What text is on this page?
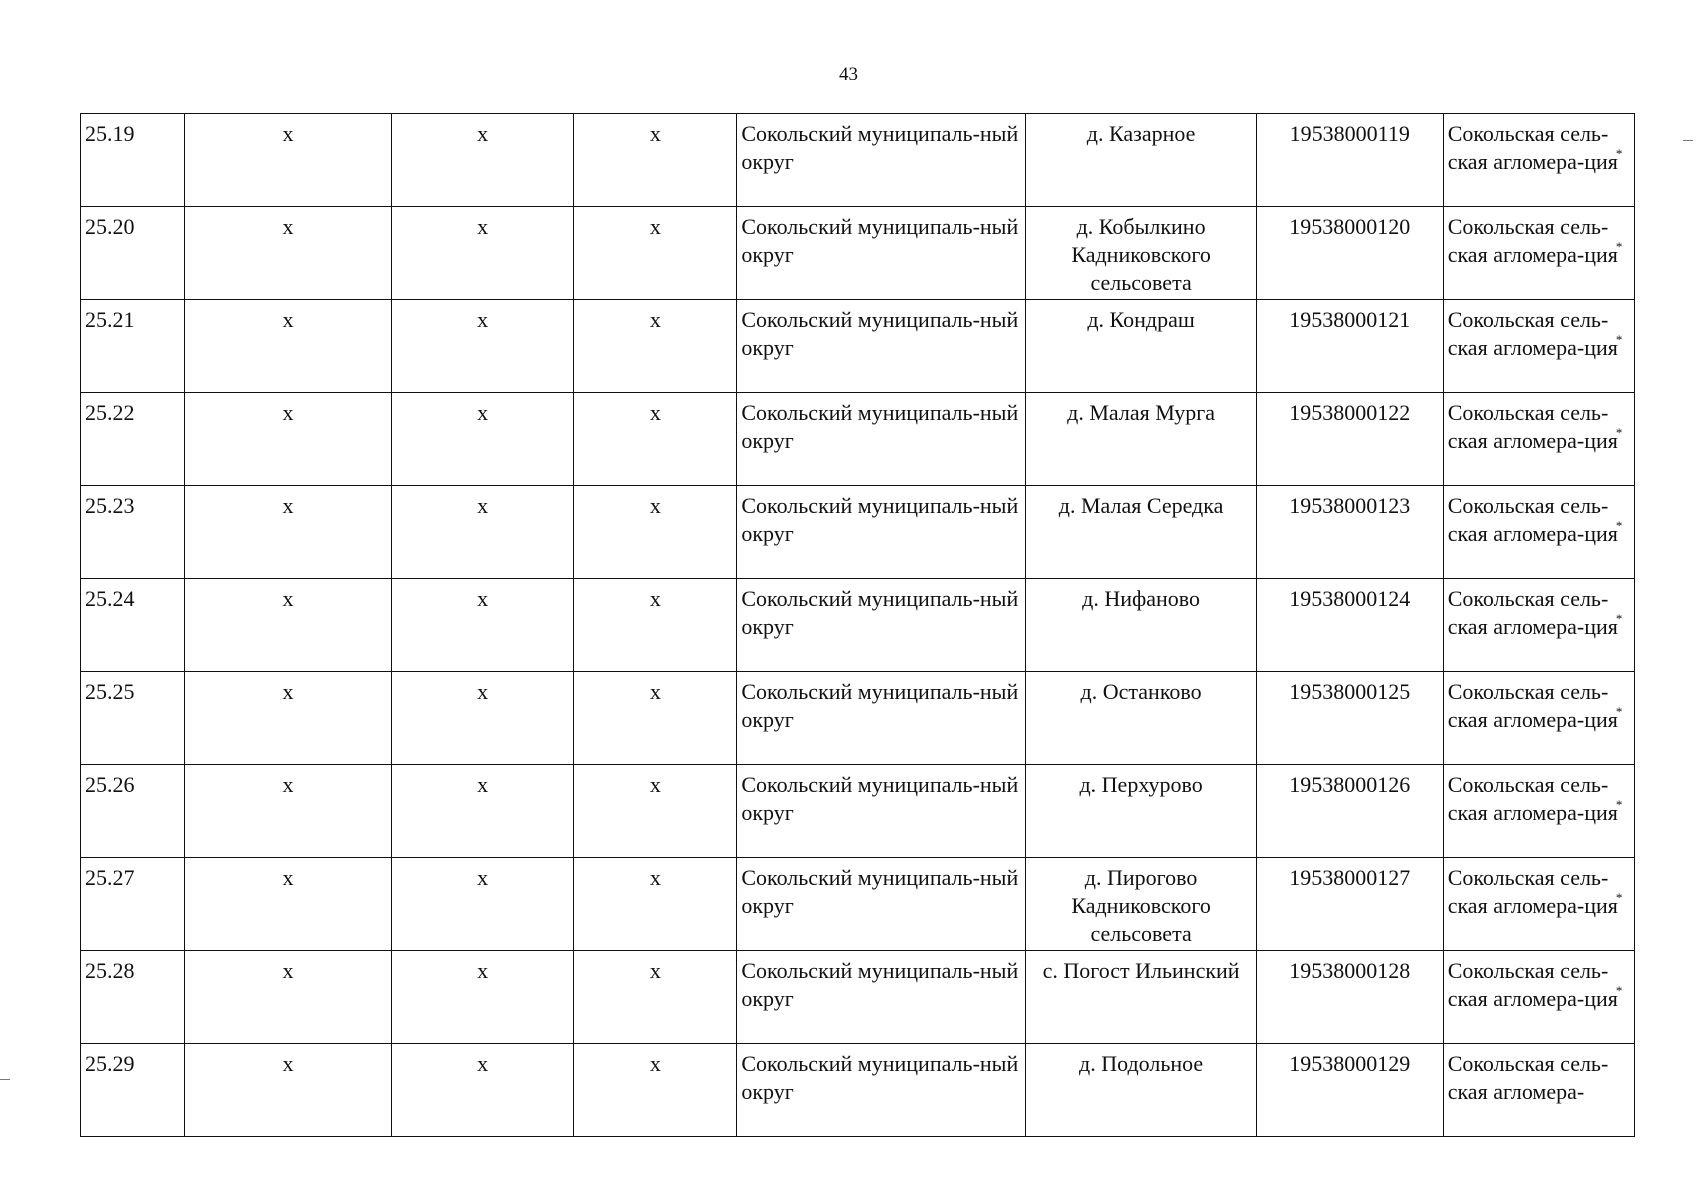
43
25.19	х	х	х	Сокольский муниципаль-ный округ	д. Казарное	19538000119	Сокольская сель-ская агломера-ция*
25.20	х	х	х	Сокольский муниципаль-ный округ	д. Кобылкино Кадниковского сельсовета	19538000120	Сокольская сель-ская агломера-ция*
25.21	х	х	х	Сокольский муниципаль-ный округ	д. Кондраш	19538000121	Сокольская сель-ская агломера-ция*
25.22	х	х	х	Сокольский муниципаль-ный округ	д. Малая Мурга	19538000122	Сокольская сель-ская агломера-ция*
25.23	х	х	х	Сокольский муниципаль-ный округ	д. Малая Середка	19538000123	Сокольская сель-ская агломера-ция*
25.24	х	х	х	Сокольский муниципаль-ный округ	д. Нифаново	19538000124	Сокольская сель-ская агломера-ция*
25.25	х	х	х	Сокольский муниципаль-ный округ	д. Останково	19538000125	Сокольская сель-ская агломера-ция*
25.26	х	х	х	Сокольский муниципаль-ный округ	д. Перхурово	19538000126	Сокольская сель-ская агломера-ция*
25.27	х	х	х	Сокольский муниципаль-ный округ	д. Пирогово Кадниковского сельсовета	19538000127	Сокольская сель-ская агломера-ция*
25.28	х	х	х	Сокольский муниципаль-ный округ	с. Погост Ильинский	19538000128	Сокольская сель-ская агломера-ция*
25.29	х	х	х	Сокольский муниципаль-ный округ	д. Подольное	19538000129	Сокольская сель-ская агломера-
